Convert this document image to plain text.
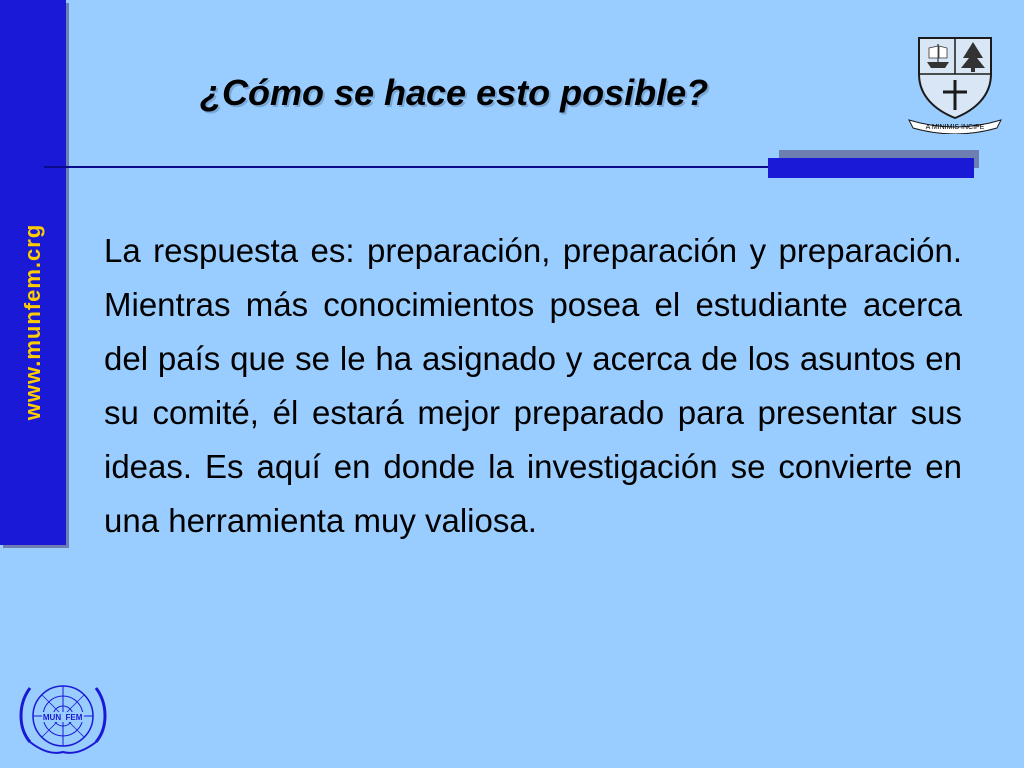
www.munfem.crg
¿Cómo se hace esto posible?
A MINIMIS INCIPE

La respuesta es: preparación, preparación y preparación. Mientras más conocimientos posea el estudiante acerca del país que se le ha asignado y acerca de los asuntos en su comité, él estará mejor preparado para presentar sus ideas. Es aquí en donde la investigación se convierte en una herramienta muy valiosa.

MUN FEM
